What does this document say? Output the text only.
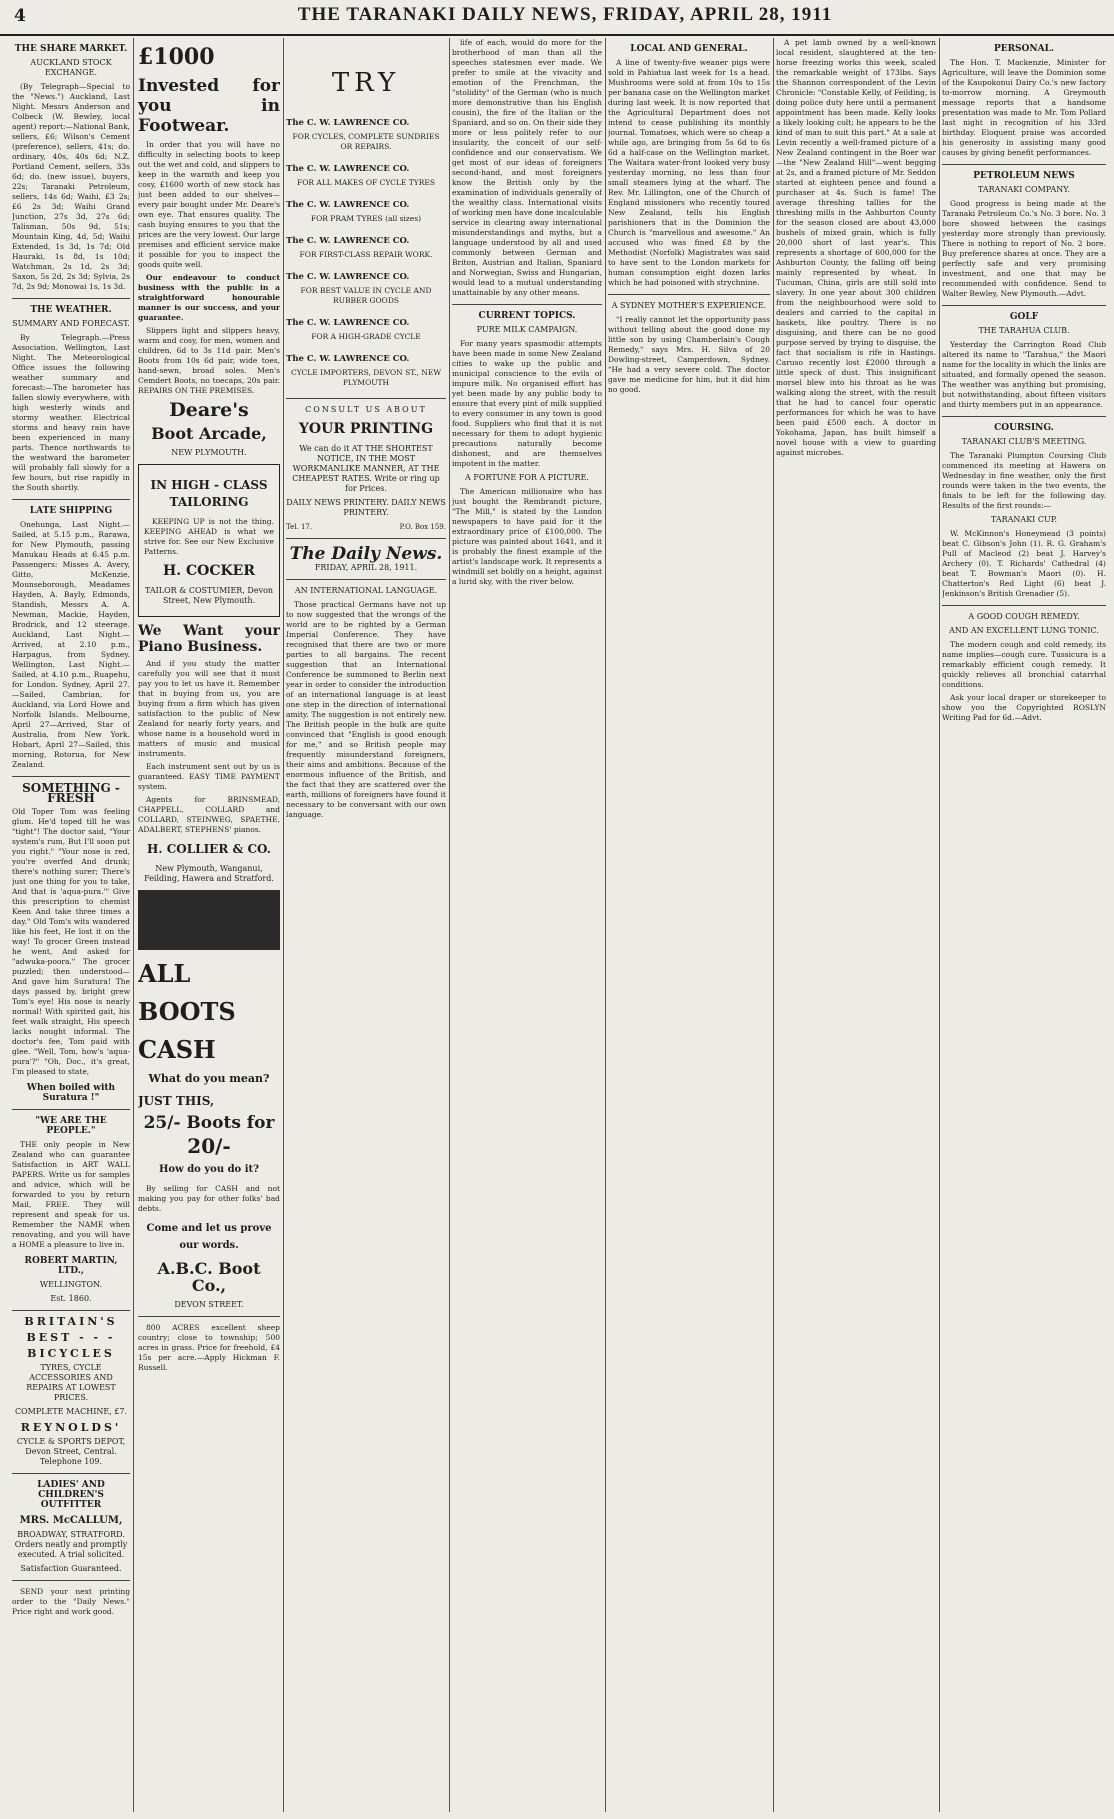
4	THE TARANAKI DAILY NEWS, FRIDAY, APRIL 28, 1911
THE SHARE MARKET.
AUCKLAND STOCK EXCHANGE.
(By Telegraph—Special to the "News.") Auckland, Last Night. Messrs Anderson and Colbeck (W. Bewley, local agent) report:—National Bank, sellers, £6; Wilson's Cement (preference), sellers, 41s; do. ordinary, 40s, 40s 6d; N.Z. Portland Cement, sellers, 33s 6d; do. (new issue), buyers, 22s; Taranaki Petroleum, sellers, 14s 6d; Waihi, £3 2s; £6 2s 3d; Waihi Grand Junction, 27s 3d, 27s 6d; Talisman, 50s 9d, 51s; Mountain King, 4d, 5d; Waihi Extended, 1s 3d, 1s 7d; Old Hauraki, 1s 8d, 1s 10d; Watchman, 2s 1d, 2s 3d; Saxon, 5s 2d, 2s 3d; Sylvia, 2s 7d, 2s 9d; Monowai 1s, 1s 3d.
THE WEATHER.
SUMMARY AND FORECAST.
By Telegraph.—Press Association. Wellington, Last Night. The Meteorological Office issues the following weather summary and forecast:—The barometer has fallen slowly everywhere, with high westerly winds and stormy weather. Electrical storms and heavy rain have been experienced in many parts. Thence northwards to the westward the barometer will probably fall slowly for a few hours, but rise rapidly in the South shortly.
LATE SHIPPING
Onehunga, Last Night.—Sailed, at 5.15 p.m., Rarawa, for New Plymouth, passing Manukau Heads at 6.45 p.m. Passengers: Misses A. Avery, Gitto, McKenzie, Mounseborough, Meadames Hayden, A. Bayly, Edmonds, Standish, Messrs A. A. Newman, Mackie, Hayden, Brodrick, and 12 steerage. Auckland, Last Night.—Arrived, at 2.10 p.m., Harpagus, from Sydney. Wellington, Last Night.—Sailed, at 4.10 p.m., Ruapehu, for London. Sydney, April 27.—Sailed, Cambrian, for Auckland, via Lord Howe and Norfolk Islands. Melbourne, April 27—Arrived, Star of Australia, from New York. Hobart, April 27—Sailed, this morning, Rotorua, for New Zealand.
SOMETHING - FRESH
Old Toper Tom was feeling glum. He'd toped till he was "tight"! The doctor said, "Your system's rum, But I'll soon put you right." "Your nose is red, you're overfed And drunk; there's nothing surer; There's just one thing for you to take, And that is 'aqua-pura.'" Give this prescription to chemist Keen And take three times a day." Old Tom's wits wandered like his feet, He lost it on the way! To grocer Green instead he went, And asked for "adwuka-poora." The grocer puzzled; then understood—And gave him Suratura! The days passed by, bright grew Tom's eye! His nose is nearly normal! With spirited gait, his feet walk straight, His speech lacks nought informal. The doctor's fee, Tom paid with glee. "Well, Tom, how's 'aqua-pura'?" "Oh, Doc., it's great, I'm pleased to state,
When boiled with Suratura !"
"WE ARE THE PEOPLE."
THE only people in New Zealand who can guarantee Satisfaction in ART WALL PAPERS. Write us for samples and advice, which will be forwarded to you by return Mail, FREE. They will represent and speak for us. Remember the NAME when renovating, and you will have a HOME a pleasure to live in.
ROBERT MARTIN, LTD.,
WELLINGTON.
Est. 1860.
BRITAIN'S
BEST - - -
BICYCLES
TYRES, CYCLE ACCESSORIES AND REPAIRS AT LOWEST PRICES.
COMPLETE MACHINE, £7.
REYNOLDS'
CYCLE & SPORTS DEPOT, Devon Street, Central. Telephone 109.
LADIES' AND CHILDREN'S OUTFITTER
MRS. McCALLUM,
BROADWAY, STRATFORD. Orders neatly and promptly executed. A trial solicited.
Satisfaction Guaranteed.
SEND your next printing order to the "Daily News." Price right and work good.
£1000
Invested for you in Footwear.
In order that you will have no difficulty in selecting boots to keep out the wet and cold, and slippers to keep in the warmth and keep you cosy, £1600 worth of new stock has just been added to our shelves—every pair bought under Mr. Deare's own eye. That ensures quality. The cash buying ensures to you that the prices are the very lowest. Our large premises and efficient service make it possible for you to inspect the goods quite well.
Our endeavour to conduct business with the public in a straightforward honourable manner is our success, and your guarantee.
Slippers light and slippers heavy, warm and cosy, for men, women and children, 6d to 3s 11d pair. Men's Boots from 10s 6d pair, wide toes, hand-sewn, broad soles. Men's Cemdert Boots, no toecaps, 20s pair. REPAIRS ON THE PREMISES.
Deare's
Boot Arcade,
NEW PLYMOUTH.
IN HIGH - CLASS TAILORING
KEEPING UP is not the thing. KEEPING AHEAD is what we strive for. See our New Exclusive Patterns.
H. COCKER
TAILOR & COSTUMIER, Devon Street, New Plymouth.
We Want your Piano Business.
And if you study the matter carefully you will see that it must pay you to let us have it. Remember that in buying from us, you are buying from a firm which has given satisfaction to the public of New Zealand for nearly forty years, and whose name is a household word in matters of music and musical instruments.
Each instrument sent out by us is guaranteed. EASY TIME PAYMENT system.
Agents for BRINSMEAD, CHAPPELL, COLLARD and COLLARD, STEINWEG, SPAETHE, ADALBERT, STEPHENS' pianos.
H. COLLIER & CO.
New Plymouth, Wanganui, Feilding, Hawera and Stratford.
ALL
BOOTS
CASH
What do you mean?
JUST THIS,
25/- Boots for
20/-
How do you do it?
By selling for CASH and not making you pay for other folks' bad debts.
Come and let us prove our words.
A.B.C. Boot Co.,
DEVON STREET.
800 ACRES excellent sheep country; close to township; 500 acres in grass. Price for freehold, £4 15s per acre.—Apply Hickman F. Russell.
TRY
The C. W. LAWRENCE CO.
FOR CYCLES, COMPLETE SUNDRIES OR REPAIRS.
The C. W. LAWRENCE CO.
FOR ALL MAKES OF CYCLE TYRES
The C. W. LAWRENCE CO.
FOR PRAM TYRES (all sizes)
The C. W. LAWRENCE CO.
FOR FIRST-CLASS REPAIR WORK.
The C. W. LAWRENCE CO.
FOR BEST VALUE IN CYCLE AND RUBBER GOODS
The C. W. LAWRENCE CO.
FOR A HIGH-GRADE CYCLE
The C. W. LAWRENCE CO.
CYCLE IMPORTERS, DEVON ST., NEW PLYMOUTH
CONSULT US ABOUT
YOUR PRINTING
We can do it AT THE SHORTEST NOTICE, IN THE MOST WORKMANLIKE MANNER, AT THE CHEAPEST RATES. Write or ring up for Prices.
DAILY NEWS PRINTERY. DAILY NEWS PRINTERY.
Tel. 17.	P.O. Box 159.
The Daily News.
FRIDAY, APRIL 28, 1911.
AN INTERNATIONAL LANGUAGE.
Those practical Germans have not up to now suggested that the wrongs of the world are to be righted by a German Imperial Conference. They have recognised that there are two or more parties to all bargains. The recent suggestion that an International Conference be summoned to Berlin next year in order to consider the introduction of an international language is at least one step in the direction of international amity. The suggestion is not entirely new. The British people in the bulk are quite convinced that "English is good enough for me," and so British people may frequently misunderstand foreigners, their aims and ambitions. Because of the enormous influence of the British, and the fact that they are scattered over the earth, millions of foreigners have found it necessary to be conversant with our own language.
life of each, would do more for the brotherhood of man than all the speeches statesmen ever made. We prefer to smile at the vivacity and emotion of the Frenchman, the "stolidity" of the German (who is much more demonstrative than his English cousin), the fire of the Italian or the Spaniard, and so on. On their side they more or less politely refer to our insularity, the conceit of our self-confidence and our conservatism. We get most of our ideas of foreigners second-hand, and most foreigners know the British only by the examination of individuals generally of the wealthy class. International visits of working men have done incalculable service in clearing away international misunderstandings and myths, but a language understood by all and used commonly between German and Briton, Austrian and Italian, Spaniard and Norwegian, Swiss and Hungarian, would lead to a mutual understanding unattainable by any other means.
CURRENT TOPICS.
PURE MILK CAMPAIGN.
For many years spasmodic attempts have been made in some New Zealand cities to wake up the public and municipal conscience to the evils of impure milk. No organised effort has yet been made by any public body to ensure that every pint of milk supplied to every consumer in any town is good food. Suppliers who find that it is not necessary for them to adopt hygienic precautions naturally become dishonest, and are themselves impotent in the matter.
A FORTUNE FOR A PICTURE.
The American millionaire who has just bought the Rembrandt picture, "The Mill," is stated by the London newspapers to have paid for it the extraordinary price of £100,000. The picture was painted about 1641, and it is probably the finest example of the artist's landscape work. It represents a windmill set boldly on a height, against a lurid sky, with the river below.
LOCAL AND GENERAL.
A line of twenty-five weaner pigs were sold in Pahiatua last week for 1s a head. Mushrooms were sold at from 10s to 15s per banana case on the Wellington market during last week. It is now reported that the Agricultural Department does not intend to cease publishing its monthly journal. Tomatoes, which were so cheap a while ago, are bringing from 5s 6d to 6s 6d a half-case on the Wellington market. The Waitara water-front looked very busy yesterday morning, no less than four small steamers lying at the wharf. The Rev. Mr. Lillington, one of the Church of England missioners who recently toured New Zealand, tells his English parishioners that in the Dominion the Church is "marvellous and awesome." An accused who was fined £8 by the Methodist (Norfolk) Magistrates was said to have sent to the London markets for human consumption eight dozen larks which he had poisoned with strychnine.
A SYDNEY MOTHER'S EXPERIENCE.
"I really cannot let the opportunity pass without telling about the good done my little son by using Chamberlain's Cough Remedy," says Mrs. H. Silva of 20 Dowling-street, Camperdown, Sydney. "He had a very severe cold. The doctor gave me medicine for him, but it did him no good.
A pet lamb owned by a well-known local resident, slaughtered at the ten-horse freezing works this week, scaled the remarkable weight of 173lbs. Says the Shannon correspondent of the Levin Chronicle: "Constable Kelly, of Feilding, is doing police duty here until a permanent appointment has been made. Kelly looks a likely looking colt; he appears to be the kind of man to suit this part." At a sale at Levin recently a well-framed picture of a New Zealand contingent in the Boer war—the "New Zealand Hill"—went begging at 2s, and a framed picture of Mr. Seddon started at eighteen pence and found a purchaser at 4s. Such is fame! The average threshing tallies for the threshing mills in the Ashburton County for the season closed are about 43,000 bushels of mixed grain, which is fully 20,000 short of last year's. This represents a shortage of 600,000 for the Ashburton County, the falling off being mainly represented by wheat. In Tucuman, China, girls are still sold into slavery. In one year about 300 children from the neighbourhood were sold to dealers and carried to the capital in baskets, like poultry. There is no disguising, and there can be no good purpose served by trying to disguise, the fact that socialism is rife in Hastings. Caruso recently lost £2000 through a little speck of dust. This insignificant morsel blew into his throat as he was walking along the street, with the result that he had to cancel four operatic performances for which he was to have been paid £500 each. A doctor in Yokohama, Japan, has built himself a novel house with a view to guarding against microbes.
PERSONAL.
The Hon. T. Mackenzie, Minister for Agriculture, will leave the Dominion some of the Kaupokonui Dairy Co.'s new factory to-morrow morning. A Greymouth message reports that a handsome presentation was made to Mr. Tom Pollard last night in recognition of his 33rd birthday. Eloquent praise was accorded his generosity in assisting many good causes by giving benefit performances.
PETROLEUM NEWS
TARANAKI COMPANY.
Good progress is being made at the Taranaki Petroleum Co.'s No. 3 bore. No. 3 bore showed between the casings yesterday more strongly than previously. There is nothing to report of No. 2 bore. Buy preference shares at once. They are a perfectly safe and very promising investment, and one that may be recommended with confidence. Send to Walter Bewley, New Plymouth.—Advt.
GOLF
THE TARAHUA CLUB.
Yesterday the Carrington Road Club altered its name to "Tarahua," the Maori name for the locality in which the links are situated, and formally opened the season. The weather was anything but promising, but notwithstanding, about fifteen visitors and thirty members put in an appearance.
COURSING.
TARANAKI CLUB'S MEETING.
The Taranaki Plumpton Coursing Club commenced its meeting at Hawera on Wednesday in fine weather, only the first rounds were taken in the two events, the finals to be left for the following day. Results of the first rounds:—
TARANAKI CUP.
W. McKinnon's Honeymead (3 points) beat C. Gibson's John (1). R. G. Graham's Pull of Macleod (2) beat J. Harvey's Archery (0). T. Richards' Cathedral (4) beat T. Bowman's Maori (0). H. Chatterton's Red Light (6) beat J. Jenkinson's British Grenadier (5).
A GOOD COUGH REMEDY.
AND AN EXCELLENT LUNG TONIC.
The modern cough and cold remedy, its name implies—cough cure. Tussicura is a remarkably efficient cough remedy. It quickly relieves all bronchial catarrhal conditions.
Ask your local draper or storekeeper to show you the Copyrighted ROSLYN Writing Pad for 6d.—Advt.
